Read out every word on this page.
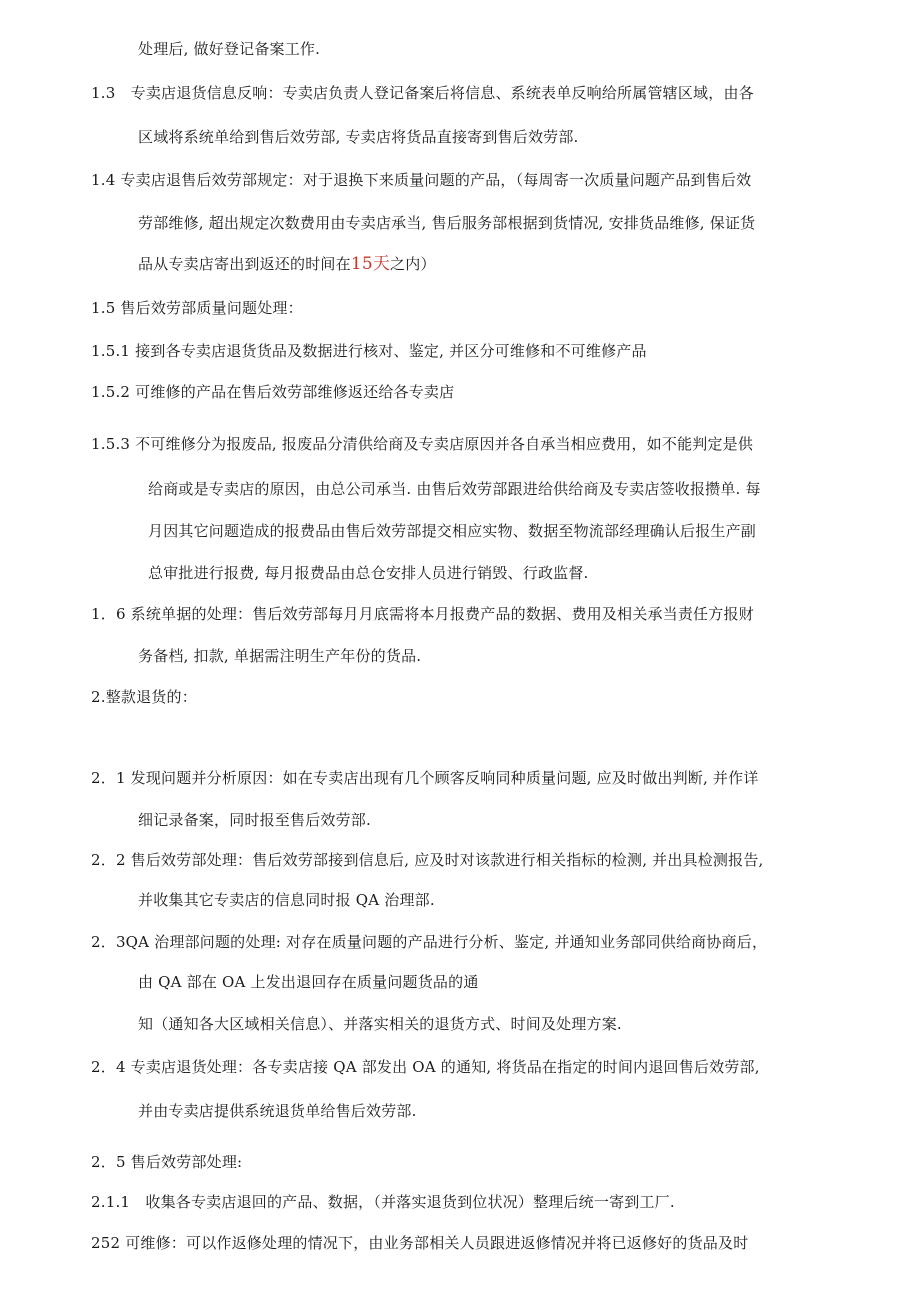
处理后, 做好登记备案工作.
1.3　专卖店退货信息反响：专卖店负责人登记备案后将信息、系统表单反响给所属管辖区域，由各
区域将系统单给到售后效劳部, 专卖店将货品直接寄到售后效劳部.
1.4 专卖店退售后效劳部规定：对于退换下来质量问题的产品，（每周寄一次质量问题产品到售后效
劳部维修, 超出规定次数费用由专卖店承当, 售后服务部根据到货情况, 安排货品维修, 保证货
品从专卖店寄出到返还的时间在15天之内）
1.5 售后效劳部质量问题处理：
1.5.1 接到各专卖店退货货品及数据进行核对、鉴定, 并区分可维修和不可维修产品
1.5.2 可维修的产品在售后效劳部维修返还给各专卖店
1.5.3 不可维修分为报废品, 报废品分清供给商及专卖店原因并各自承当相应费用，如不能判定是供
给商或是专卖店的原因，由总公司承当. 由售后效劳部跟进给供给商及专卖店签收报攒单. 每
月因其它问题造成的报费品由售后效劳部提交相应实物、数据至物流部经理确认后报生产副
总审批进行报费, 每月报费品由总仓安排人员进行销毁、行政监督.
1．6 系统单据的处理：售后效劳部每月月底需将本月报费产品的数据、费用及相关承当责任方报财
务备档, 扣款, 单据需注明生产年份的货品.
2.整款退货的：
2．1 发现问题并分析原因：如在专卖店出现有几个顾客反响同种质量问题, 应及时做出判断, 并作详
细记录备案，同时报至售后效劳部.
2．2 售后效劳部处理：售后效劳部接到信息后, 应及时对该款进行相关指标的检测, 并出具检测报告,
并收集其它专卖店的信息同时报 QA 治理部.
2．3QA 治理部问题的处理: 对存在质量问题的产品进行分析、鉴定, 并通知业务部同供给商协商后，
由 QA 部在 OA 上发出退回存在质量问题货品的通
知（通知各大区域相关信息）、并落实相关的退货方式、时间及处理方案.
2．4 专卖店退货处理：各专卖店接 QA 部发出 OA 的通知, 将货品在指定的时间内退回售后效劳部,
并由专卖店提供系统退货单给售后效劳部.
2．5 售后效劳部处理:
2.1.1　收集各专卖店退回的产品、数据，（并落实退货到位状况）整理后统一寄到工厂.
252 可维修：可以作返修处理的情况下，由业务部相关人员跟进返修情况并将已返修好的货品及时
